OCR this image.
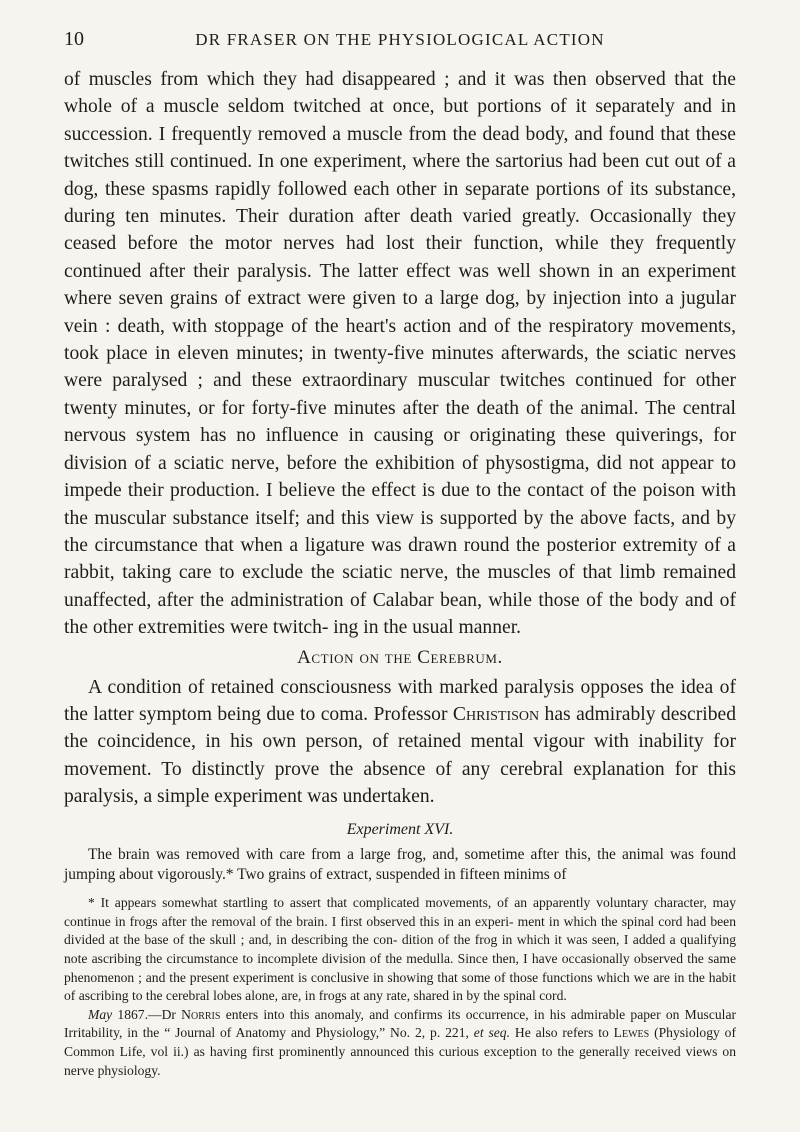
10	DR FRASER ON THE PHYSIOLOGICAL ACTION

of muscles from which they had disappeared ; and it was then observed that the whole of a muscle seldom twitched at once, but portions of it separately and in succession. I frequently removed a muscle from the dead body, and found that these twitches still continued. In one experiment, where the sartorius had been cut out of a dog, these spasms rapidly followed each other in separate portions of its substance, during ten minutes. Their duration after death varied greatly. Occasionally they ceased before the motor nerves had lost their function, while they frequently continued after their paralysis. The latter effect was well shown in an experiment where seven grains of extract were given to a large dog, by injection into a jugular vein : death, with stoppage of the heart's action and of the respiratory movements, took place in eleven minutes; in twenty-five minutes afterwards, the sciatic nerves were paralysed ; and these extraordinary muscular twitches continued for other twenty minutes, or for forty-five minutes after the death of the animal. The central nervous system has no influence in causing or originating these quiverings, for division of a sciatic nerve, before the exhibition of physostigma, did not appear to impede their production. I believe the effect is due to the contact of the poison with the muscular substance itself; and this view is supported by the above facts, and by the circumstance that when a ligature was drawn round the posterior extremity of a rabbit, taking care to exclude the sciatic nerve, the muscles of that limb remained unaffected, after the administration of Calabar bean, while those of the body and of the other extremities were twitch- ing in the usual manner.

Action on the Cerebrum.

A condition of retained consciousness with marked paralysis opposes the idea of the latter symptom being due to coma. Professor Christison has admirably described the coincidence, in his own person, of retained mental vigour with inability for movement. To distinctly prove the absence of any cerebral explanation for this paralysis, a simple experiment was undertaken.

Experiment XVI.

The brain was removed with care from a large frog, and, sometime after this, the animal was found jumping about vigorously.* Two grains of extract, suspended in fifteen minims of

* It appears somewhat startling to assert that complicated movements, of an apparently voluntary character, may continue in frogs after the removal of the brain. I first observed this in an experi- ment in which the spinal cord had been divided at the base of the skull ; and, in describing the con- dition of the frog in which it was seen, I added a qualifying note ascribing the circumstance to incomplete division of the medulla. Since then, I have occasionally observed the same phenomenon ; and the present experiment is conclusive in showing that some of those functions which we are in the habit of ascribing to the cerebral lobes alone, are, in frogs at any rate, shared in by the spinal cord.

May 1867.—Dr Norris enters into this anomaly, and confirms its occurrence, in his admirable paper on Muscular Irritability, in the “ Journal of Anatomy and Physiology,” No. 2, p. 221, et seq. He also refers to Lewes (Physiology of Common Life, vol ii.) as having first prominently announced this curious exception to the generally received views on nerve physiology.
